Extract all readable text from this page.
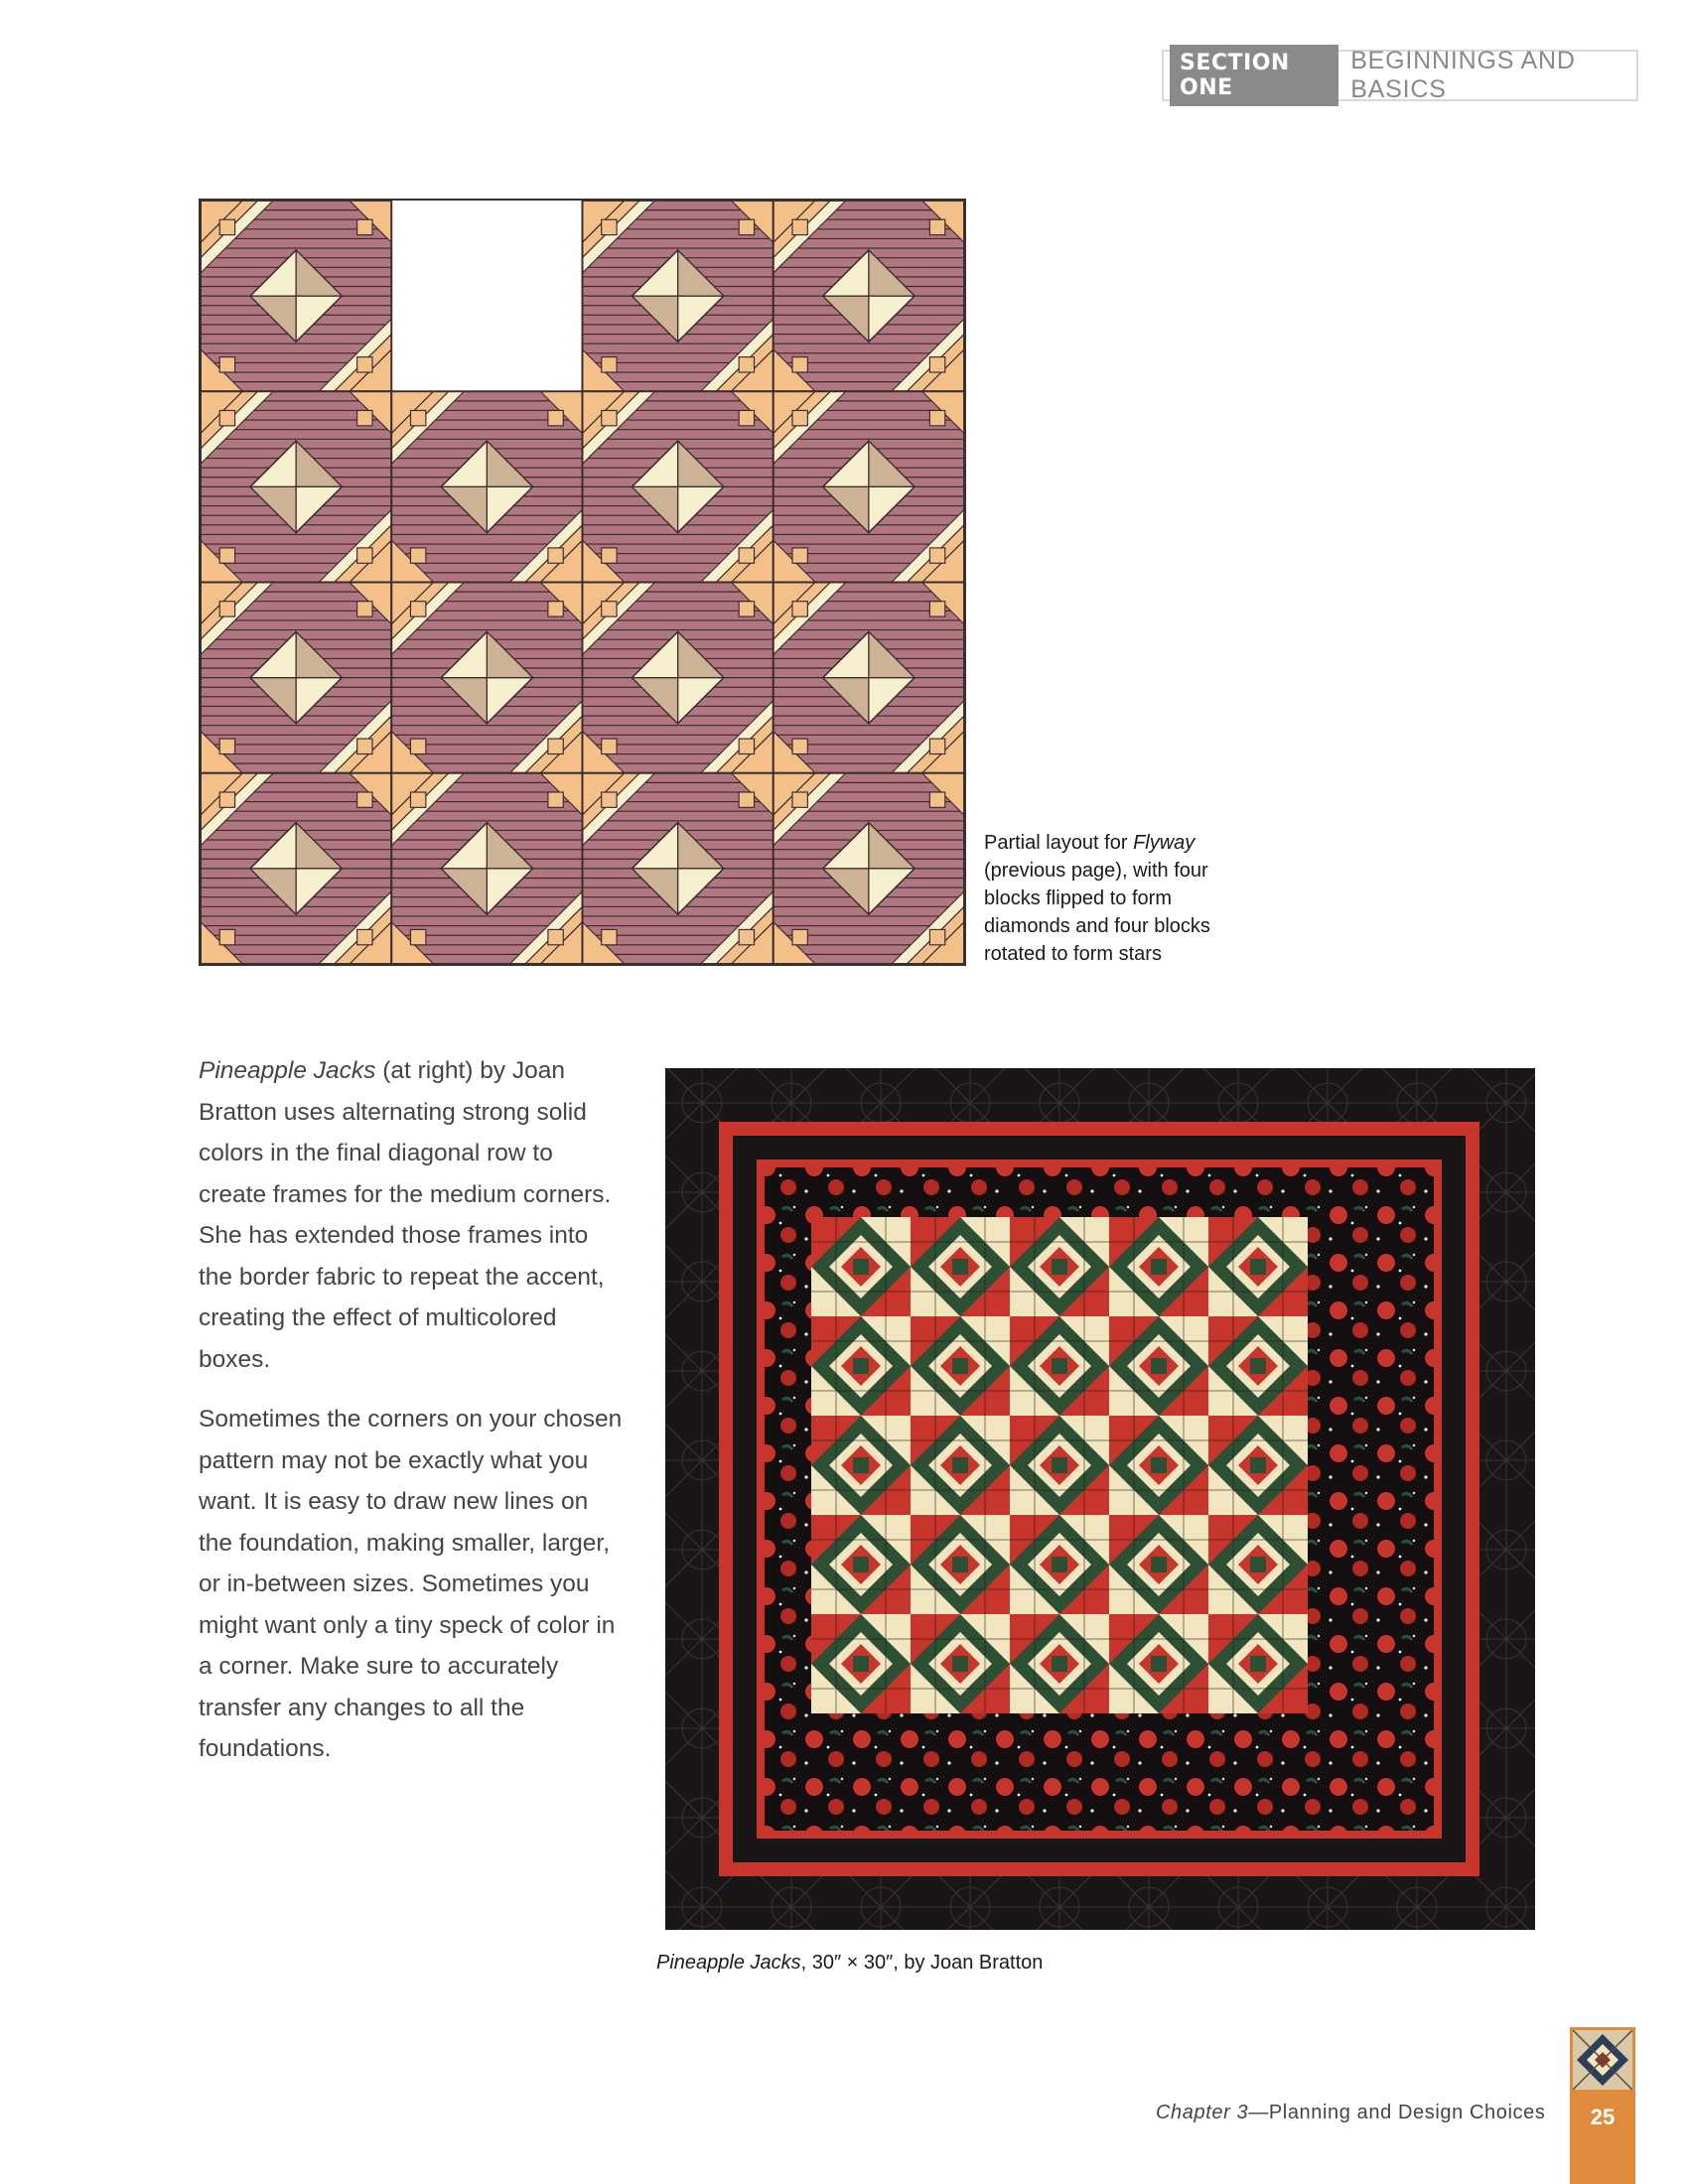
SECTION ONE
BEGINNINGS AND BASICS
Partial layout for Flyway (previous page), with four blocks flipped to form diamonds and four blocks rotated to form stars

Pineapple Jacks (at right) by Joan Bratton uses alternating strong solid colors in the final diagonal row to create frames for the medium corners. She has extended those frames into the border fabric to repeat the accent, creating the effect of multicolored boxes.

Sometimes the corners on your chosen pattern may not be exactly what you want. It is easy to draw new lines on the foundation, making smaller, larger, or in-between sizes. Sometimes you might want only a tiny speck of color in a corner. Make sure to accurately transfer any changes to all the foundations.

Pineapple Jacks, 30″ × 30″, by Joan Bratton
Chapter 3—Planning and Design Choices	25
